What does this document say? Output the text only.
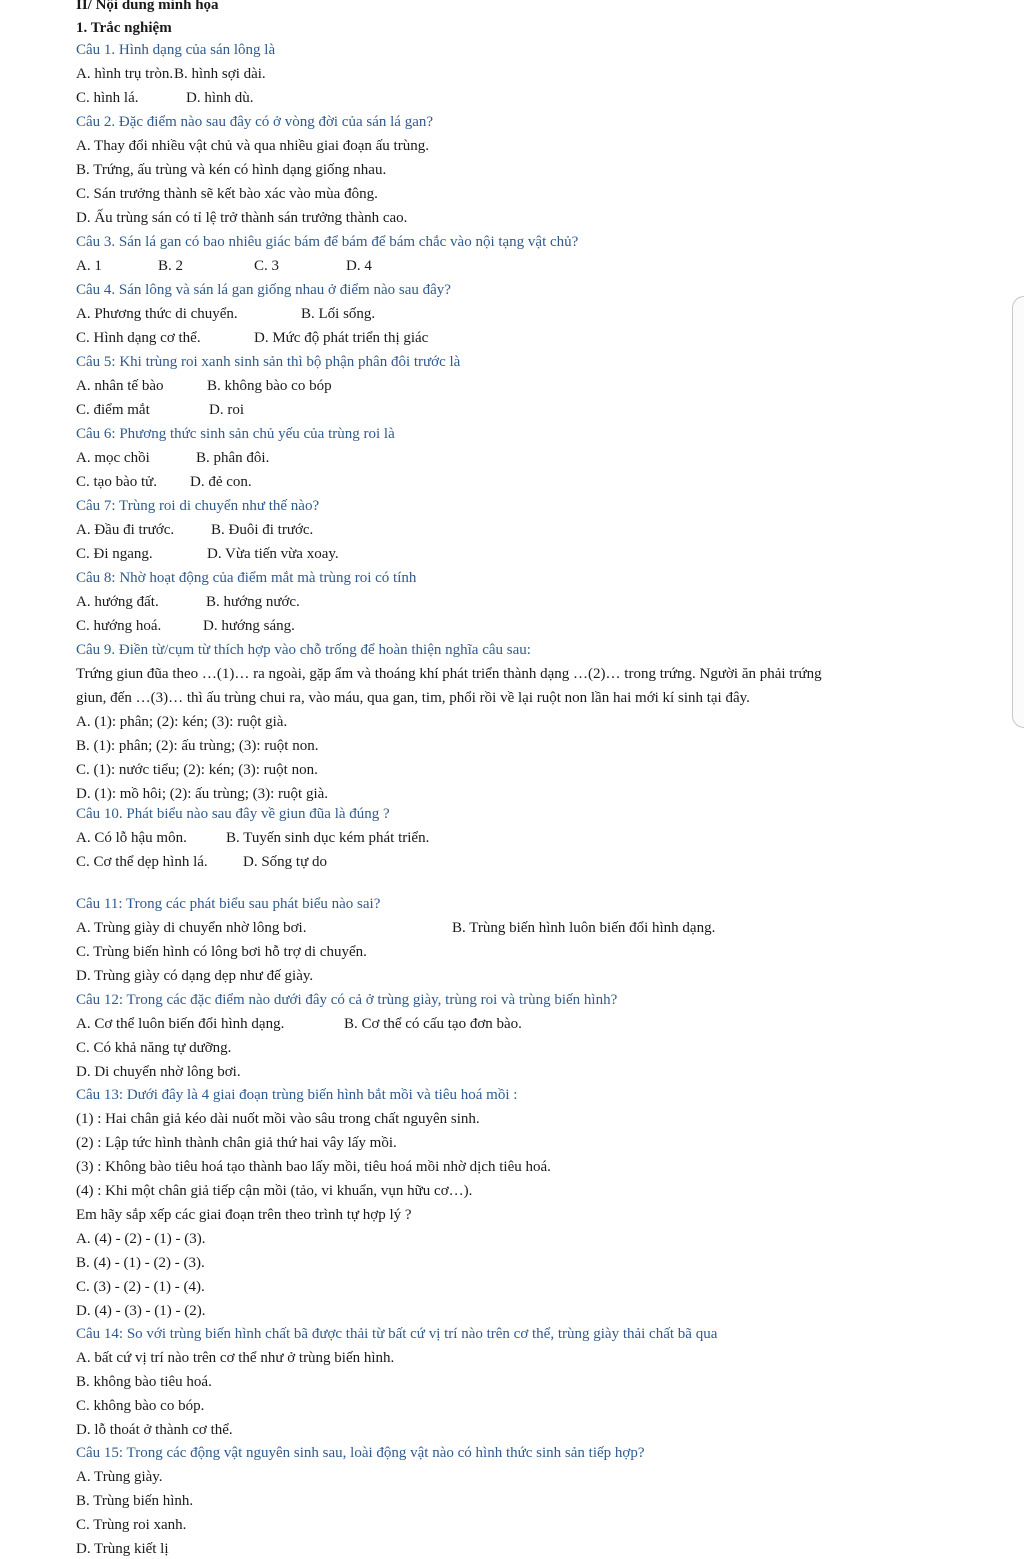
II/ Nội dung minh họa
1. Trắc nghiệm
Câu 1. Hình dạng của sán lông là
A. hình trụ tròn. B. hình sợi dài.
C. hình lá.	D. hình dù.
Câu 2. Đặc điểm nào sau đây có ở vòng đời của sán lá gan?
A. Thay đổi nhiều vật chủ và qua nhiều giai đoạn ấu trùng.
B. Trứng, ấu trùng và kén có hình dạng giống nhau.
C. Sán trưởng thành sẽ kết bào xác vào mùa đông.
D. Ấu trùng sán có tỉ lệ trở thành sán trưởng thành cao.
Câu 3. Sán lá gan có bao nhiêu giác bám để bám để bám chắc vào nội tạng vật chủ?
A. 1	B. 2	C. 3	D. 4
Câu 4. Sán lông và sán lá gan giống nhau ở điểm nào sau đây?
A. Phương thức di chuyển.	B. Lối sống.
C. Hình dạng cơ thể.	D. Mức độ phát triển thị giác
Câu 5: Khi trùng roi xanh sinh sản thì bộ phận phân đôi trước là
A. nhân tế bào	B. không bào co bóp
C. điểm mắt	D. roi
Câu 6: Phương thức sinh sản chủ yếu của trùng roi là
A. mọc chồi	B. phân đôi.
C. tạo bào tử. D. đẻ con.
Câu 7: Trùng roi di chuyển như thế nào?
A. Đầu đi trước. B. Đuôi đi trước.
C. Đi ngang.	D. Vừa tiến vừa xoay.
Câu 8: Nhờ hoạt động của điểm mắt mà trùng roi có tính
A. hướng đất.	B. hướng nước.
C. hướng hoá.	D. hướng sáng.
Câu 9. Điền từ/cụm từ thích hợp vào chỗ trống để hoàn thiện nghĩa câu sau:
Trứng giun đũa theo …(1)… ra ngoài, gặp ẩm và thoáng khí phát triển thành dạng …(2)… trong trứng. Người ăn phải trứng
giun, đến …(3)… thì ấu trùng chui ra, vào máu, qua gan, tim, phổi rồi về lại ruột non lần hai mới kí sinh tại đây.
A. (1): phân; (2): kén; (3): ruột già.
B. (1): phân; (2): ấu trùng; (3): ruột non.
C. (1): nước tiểu; (2): kén; (3): ruột non.
D. (1): mồ hôi; (2): ấu trùng; (3): ruột già.
Câu 10. Phát biểu nào sau đây về giun đũa là đúng ?
A. Có lỗ hậu môn.	B. Tuyến sinh dục kém phát triển.
C. Cơ thể dẹp hình lá. D. Sống tự do
Câu 11: Trong các phát biểu sau phát biểu nào sai?
A. Trùng giày di chuyển nhờ lông bơi.	B. Trùng biến hình luôn biến đổi hình dạng.
C. Trùng biến hình có lông bơi hỗ trợ di chuyển.
D. Trùng giày có dạng dẹp như đế giày.
Câu 12: Trong các đặc điểm nào dưới đây có cả ở trùng giày, trùng roi và trùng biến hình?
A. Cơ thể luôn biến đổi hình dạng.	B. Cơ thể có cấu tạo đơn bào.
C. Có khả năng tự dưỡng.
D. Di chuyển nhờ lông bơi.
Câu 13: Dưới đây là 4 giai đoạn trùng biến hình bắt mồi và tiêu hoá mồi :
(1) : Hai chân giả kéo dài nuốt mồi vào sâu trong chất nguyên sinh.
(2) : Lập tức hình thành chân giả thứ hai vây lấy mồi.
(3) : Không bào tiêu hoá tạo thành bao lấy mồi, tiêu hoá mồi nhờ dịch tiêu hoá.
(4) : Khi một chân giả tiếp cận mồi (tảo, vi khuẩn, vụn hữu cơ…).
Em hãy sắp xếp các giai đoạn trên theo trình tự hợp lý ?
A. (4) - (2) - (1) - (3).
B. (4) - (1) - (2) - (3).
C. (3) - (2) - (1) - (4).
D. (4) - (3) - (1) - (2).
Câu 14: So với trùng biến hình chất bã được thải từ bất cứ vị trí nào trên cơ thể, trùng giày thải chất bã qua
A. bất cứ vị trí nào trên cơ thể như ở trùng biến hình.
B. không bào tiêu hoá.
C. không bào co bóp.
D. lỗ thoát ở thành cơ thể.
Câu 15: Trong các động vật nguyên sinh sau, loài động vật nào có hình thức sinh sản tiếp hợp?
A. Trùng giày.
B. Trùng biến hình.
C. Trùng roi xanh.
D. Trùng kiết lị
